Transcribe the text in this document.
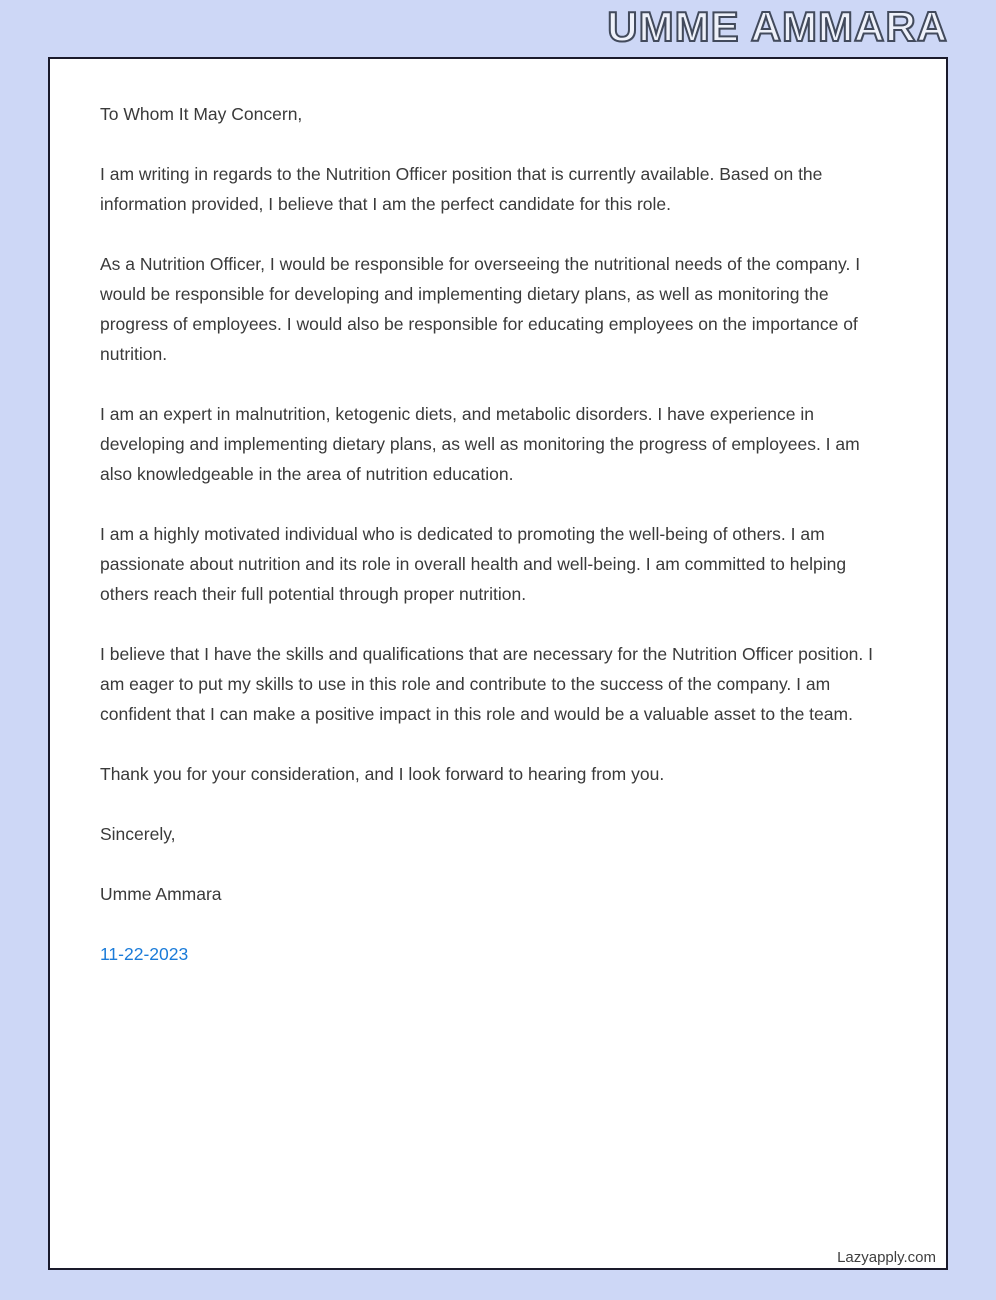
UMME AMMARA

To Whom It May Concern,

I am writing in regards to the Nutrition Officer position that is currently available. Based on the information provided, I believe that I am the perfect candidate for this role.

As a Nutrition Officer, I would be responsible for overseeing the nutritional needs of the company. I would be responsible for developing and implementing dietary plans, as well as monitoring the progress of employees. I would also be responsible for educating employees on the importance of nutrition.

I am an expert in malnutrition, ketogenic diets, and metabolic disorders. I have experience in developing and implementing dietary plans, as well as monitoring the progress of employees. I am also knowledgeable in the area of nutrition education.

I am a highly motivated individual who is dedicated to promoting the well-being of others. I am passionate about nutrition and its role in overall health and well-being. I am committed to helping others reach their full potential through proper nutrition.

I believe that I have the skills and qualifications that are necessary for the Nutrition Officer position. I am eager to put my skills to use in this role and contribute to the success of the company. I am confident that I can make a positive impact in this role and would be a valuable asset to the team.

Thank you for your consideration, and I look forward to hearing from you.

Sincerely,

Umme Ammara

11-22-2023

Lazyapply.com
